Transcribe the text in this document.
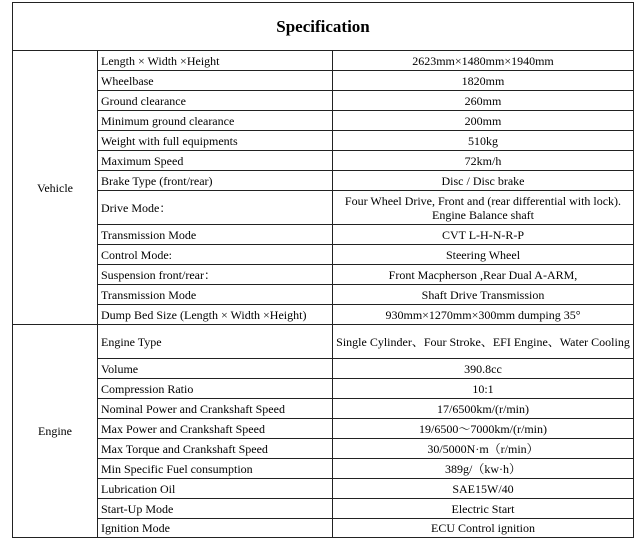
Specification		
Vehicle	Length × Width ×Height	2623mm×1480mm×1940mm
	Wheelbase	1820mm
	Ground clearance	260mm
	Minimum ground clearance	200mm
	Weight with full equipments	510kg
	Maximum Speed	72km/h
	Brake Type (front/rear)	Disc / Disc brake
	Drive Mode：	Four Wheel Drive, Front and (rear differential with lock). Engine Balance shaft
	Transmission Mode	CVT L-H-N-R-P
	Control Mode:	Steering Wheel
	Suspension front/rear：	Front Macpherson ,Rear Dual A-ARM,
	Transmission Mode	Shaft Drive Transmission
	Dump Bed Size (Length × Width ×Height)	930mm×1270mm×300mm dumping 35°
Engine	Engine Type	Single Cylinder、Four Stroke、EFI Engine、Water Cooling
	Volume	390.8cc
	Compression Ratio	10:1
	Nominal Power and Crankshaft Speed	17/6500km/(r/min)
	Max Power and Crankshaft Speed	19/6500～7000km/(r/min)
	Max Torque and Crankshaft Speed	30/5000N·m（r/min）
	Min Specific Fuel consumption	389g/（kw·h）
	Lubrication Oil	SAE15W/40
	Start-Up Mode	Electric Start
	Ignition Mode	ECU Control ignition
